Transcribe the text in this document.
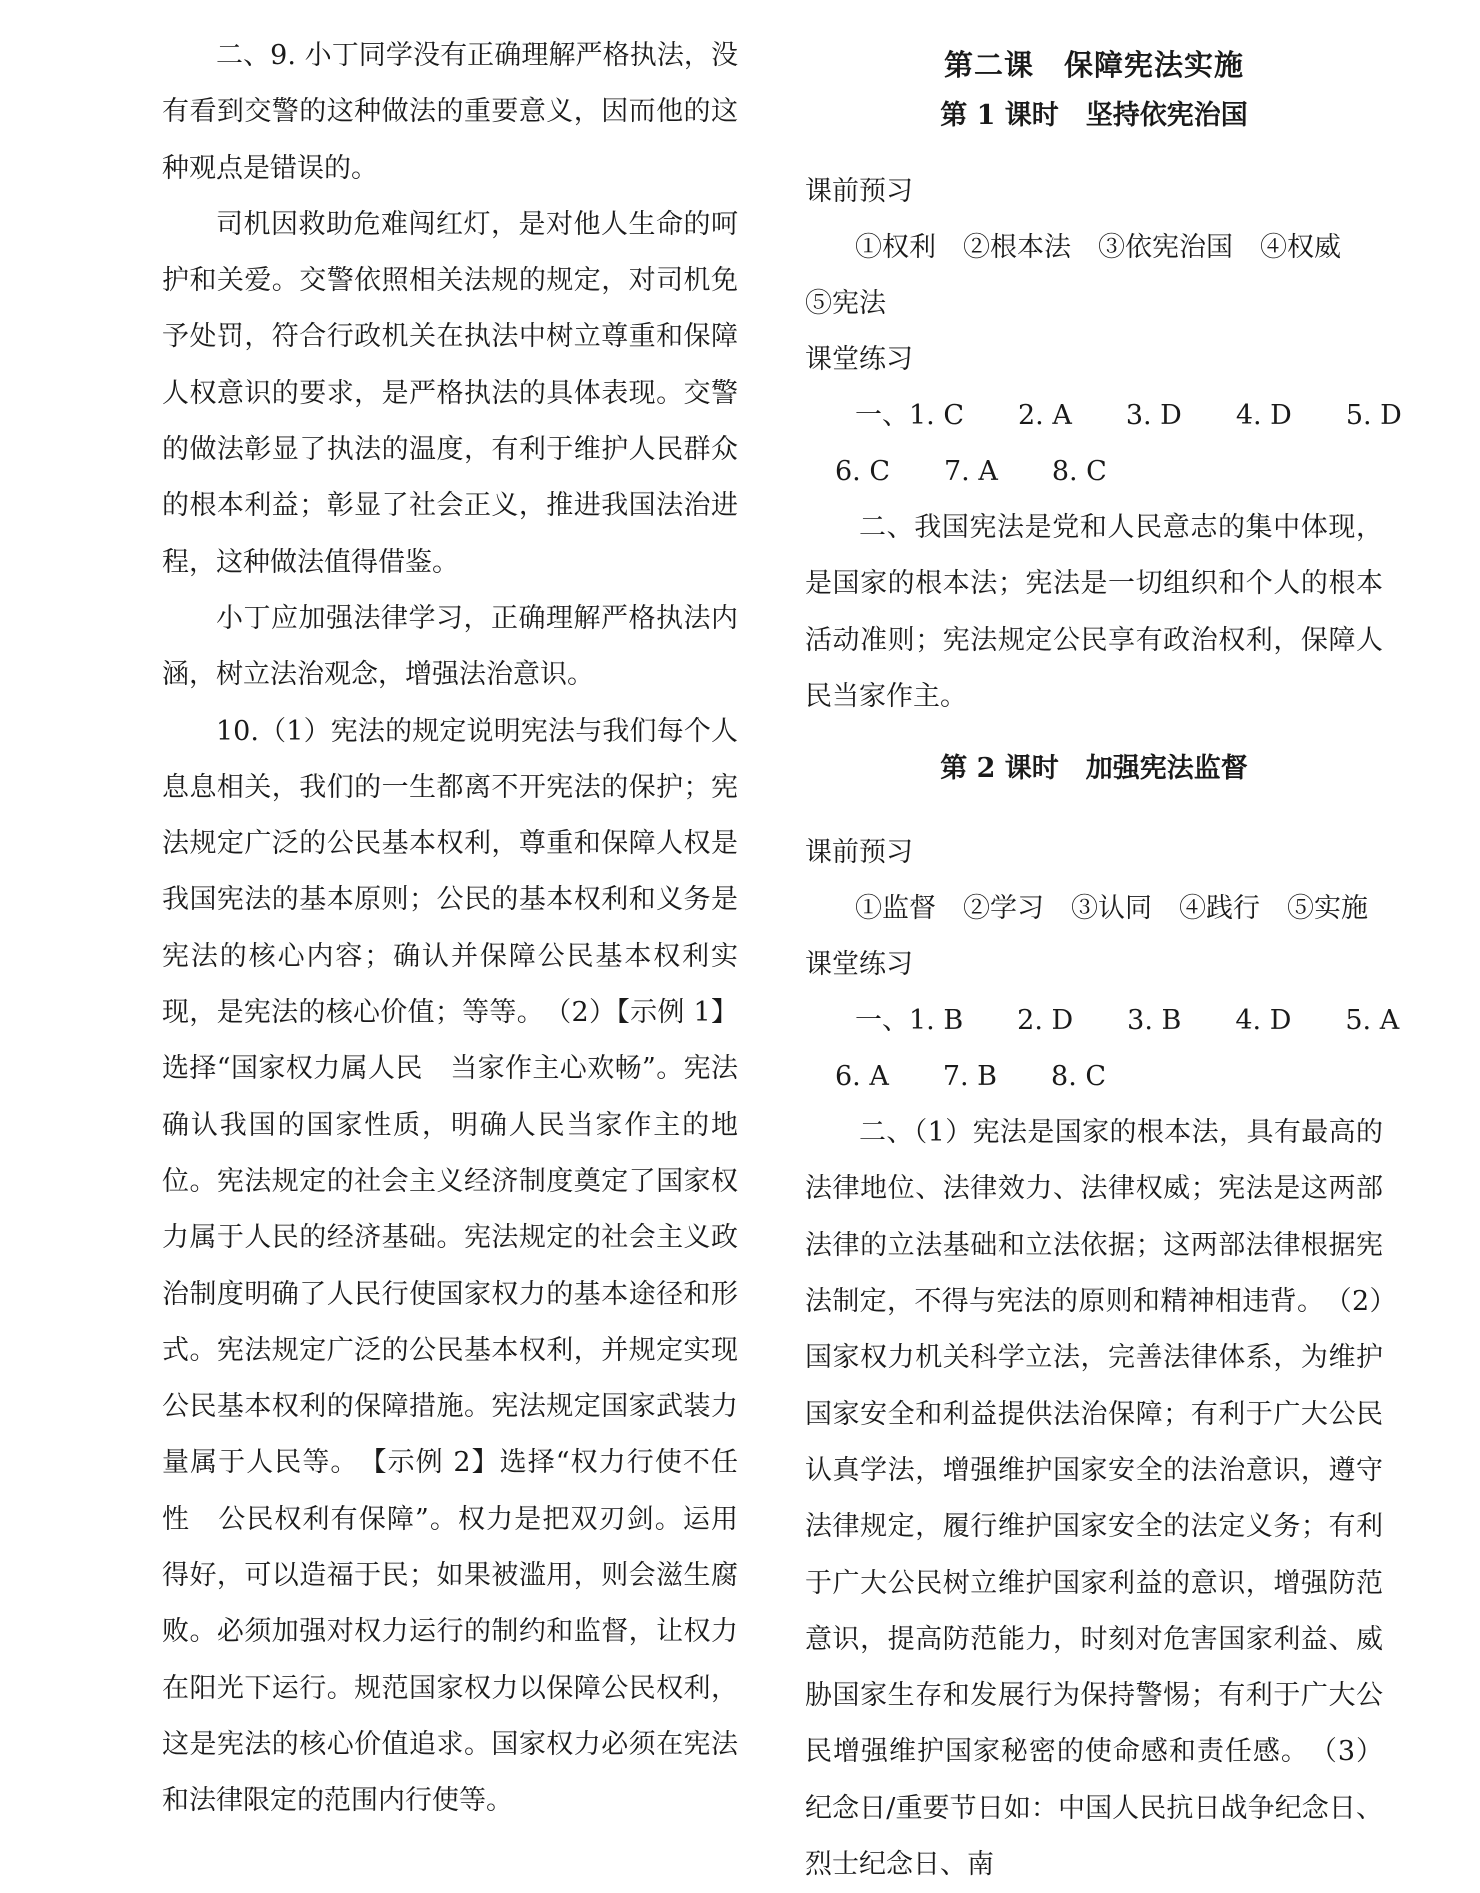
二、9. 小丁同学没有正确理解严格执法，没有看到交警的这种做法的重要意义，因而他的这种观点是错误的。

司机因救助危难闯红灯，是对他人生命的呵护和关爱。交警依照相关法规的规定，对司机免予处罚，符合行政机关在执法中树立尊重和保障人权意识的要求，是严格执法的具体表现。交警的做法彰显了执法的温度，有利于维护人民群众的根本利益；彰显了社会正义，推进我国法治进程，这种做法值得借鉴。

小丁应加强法律学习，正确理解严格执法内涵，树立法治观念，增强法治意识。

10.（1）宪法的规定说明宪法与我们每个人息息相关，我们的一生都离不开宪法的保护；宪法规定广泛的公民基本权利，尊重和保障人权是我国宪法的基本原则；公民的基本权利和义务是宪法的核心内容；确认并保障公民基本权利实现，是宪法的核心价值；等等。　（2）【示例 1】选择“国家权力属人民　当家作主心欢畅”。宪法确认我国的国家性质，明确人民当家作主的地位。宪法规定的社会主义经济制度奠定了国家权力属于人民的经济基础。宪法规定的社会主义政治制度明确了人民行使国家权力的基本途径和形式。宪法规定广泛的公民基本权利，并规定实现公民基本权利的保障措施。宪法规定国家武装力量属于人民等。　【示例 2】选择“权力行使不任性　公民权利有保障”。权力是把双刃剑。运用得好，可以造福于民；如果被滥用，则会滋生腐败。必须加强对权力运行的制约和监督，让权力在阳光下运行。规范国家权力以保障公民权利，这是宪法的核心价值追求。国家权力必须在宪法和法律限定的范围内行使等。

第二课　保障宪法实施
第 1 课时　坚持依宪治国
课前预习
①权利　②根本法　③依宪治国　④权威
⑤宪法
课堂练习
一、1. C　　2. A　　3. D　　4. D　　5. D
6. C　　7. A　　8. C

二、我国宪法是党和人民意志的集中体现，是国家的根本法；宪法是一切组织和个人的根本活动准则；宪法规定公民享有政治权利，保障人民当家作主。

第 2 课时　加强宪法监督
课前预习
①监督　②学习　③认同　④践行　⑤实施
课堂练习
一、1. B　　2. D　　3. B　　4. D　　5. A
6. A　　7. B　　8. C

二、（1）宪法是国家的根本法，具有最高的法律地位、法律效力、法律权威；宪法是这两部法律的立法基础和立法依据；这两部法律根据宪法制定，不得与宪法的原则和精神相违背。　（2）国家权力机关科学立法，完善法律体系，为维护国家安全和利益提供法治保障；有利于广大公民认真学法，增强维护国家安全的法治意识，遵守法律规定，履行维护国家安全的法定义务；有利于广大公民树立维护国家利益的意识，增强防范意识，提高防范能力，时刻对危害国家利益、威胁国家生存和发展行为保持警惕；有利于广大公民增强维护国家秘密的使命感和责任感。　（3）纪念日/重要节日如：中国人民抗日战争纪念日、烈士纪念日、南
